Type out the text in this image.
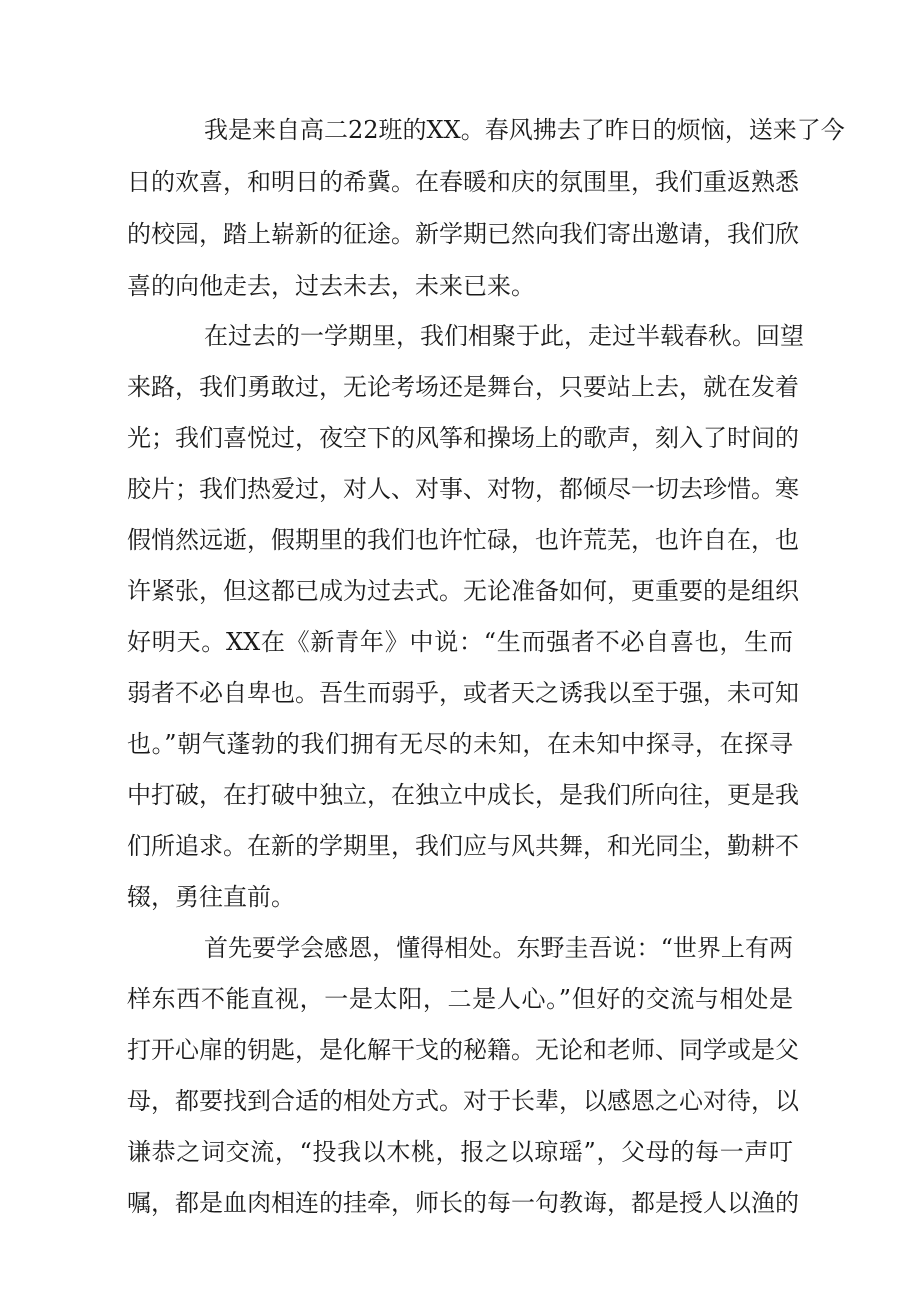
我是来自高二22班的XX。春风拂去了昨日的烦恼，送来了今
日的欢喜，和明日的希冀。在春暖和庆的氛围里，我们重返熟悉
的校园，踏上崭新的征途。新学期已然向我们寄出邀请，我们欣
喜的向他走去，过去未去，未来已来。
在过去的一学期里，我们相聚于此，走过半载春秋。回望
来路，我们勇敢过，无论考场还是舞台，只要站上去，就在发着
光；我们喜悦过，夜空下的风筝和操场上的歌声，刻入了时间的
胶片；我们热爱过，对人、对事、对物，都倾尽一切去珍惜。寒
假悄然远逝，假期里的我们也许忙碌，也许荒芜，也许自在，也
许紧张，但这都已成为过去式。无论准备如何，更重要的是组织
好明天。XX在《新青年》中说：“生而强者不必自喜也，生而
弱者不必自卑也。吾生而弱乎，或者天之诱我以至于强，未可知
也。”朝气蓬勃的我们拥有无尽的未知，在未知中探寻，在探寻
中打破，在打破中独立，在独立中成长，是我们所向往，更是我
们所追求。在新的学期里，我们应与风共舞，和光同尘，勤耕不
辍，勇往直前。
首先要学会感恩，懂得相处。东野圭吾说：“世界上有两
样东西不能直视，一是太阳，二是人心。”但好的交流与相处是
打开心扉的钥匙，是化解干戈的秘籍。无论和老师、同学或是父
母，都要找到合适的相处方式。对于长辈，以感恩之心对待，以
谦恭之词交流，“投我以木桃，报之以琼瑶”，父母的每一声叮
嘱，都是血肉相连的挂牵，师长的每一句教诲，都是授人以渔的
